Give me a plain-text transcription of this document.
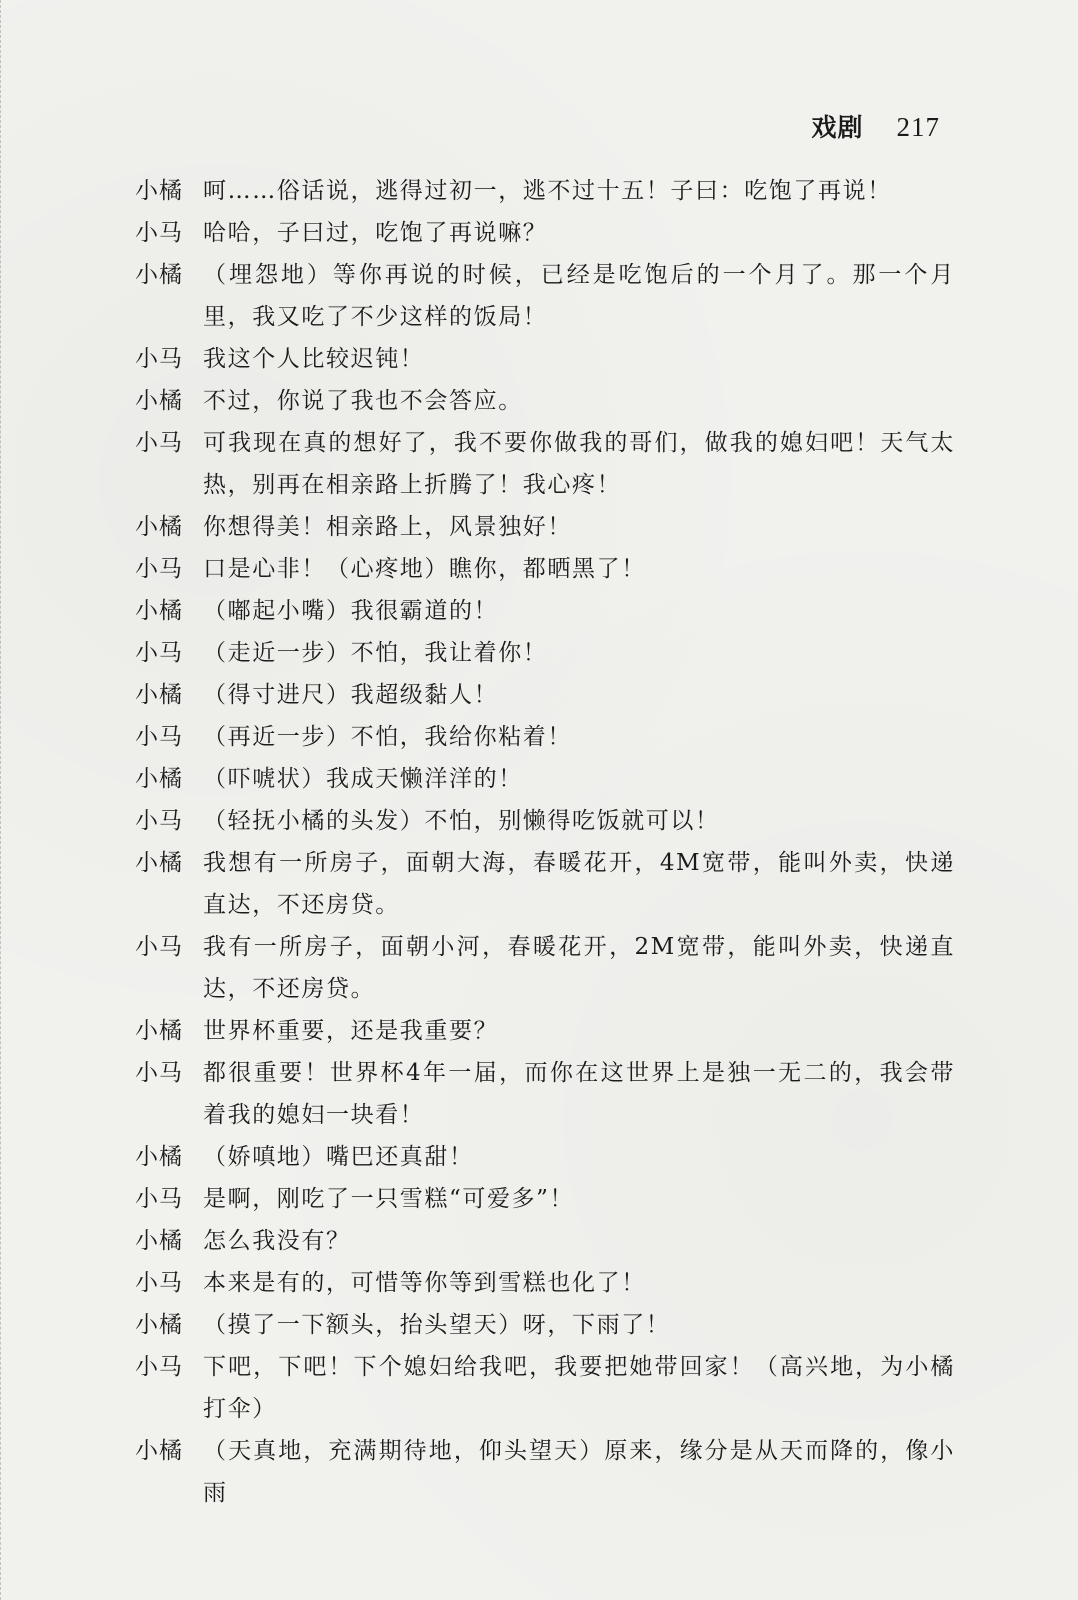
戏剧 217
小橘 呵……俗话说，逃得过初一，逃不过十五！子曰：吃饱了再说！
小马 哈哈，子曰过，吃饱了再说嘛？
小橘 （埋怨地）等你再说的时候，已经是吃饱后的一个月了。那一个月里，我又吃了不少这样的饭局！
小马 我这个人比较迟钝！
小橘 不过，你说了我也不会答应。
小马 可我现在真的想好了，我不要你做我的哥们，做我的媳妇吧！天气太热，别再在相亲路上折腾了！我心疼！
小橘 你想得美！相亲路上，风景独好！
小马 口是心非！（心疼地）瞧你，都晒黑了！
小橘 （嘟起小嘴）我很霸道的！
小马 （走近一步）不怕，我让着你！
小橘 （得寸进尺）我超级黏人！
小马 （再近一步）不怕，我给你粘着！
小橘 （吓唬状）我成天懒洋洋的！
小马 （轻抚小橘的头发）不怕，别懒得吃饭就可以！
小橘 我想有一所房子，面朝大海，春暖花开，4M宽带，能叫外卖，快递直达，不还房贷。
小马 我有一所房子，面朝小河，春暖花开，2M宽带，能叫外卖，快递直达，不还房贷。
小橘 世界杯重要，还是我重要？
小马 都很重要！世界杯4年一届，而你在这世界上是独一无二的，我会带着我的媳妇一块看！
小橘 （娇嗔地）嘴巴还真甜！
小马 是啊，刚吃了一只雪糕“可爱多”！
小橘 怎么我没有？
小马 本来是有的，可惜等你等到雪糕也化了！
小橘 （摸了一下额头，抬头望天）呀，下雨了！
小马 下吧，下吧！下个媳妇给我吧，我要把她带回家！（高兴地，为小橘打伞）
小橘 （天真地，充满期待地，仰头望天）原来，缘分是从天而降的，像小雨
